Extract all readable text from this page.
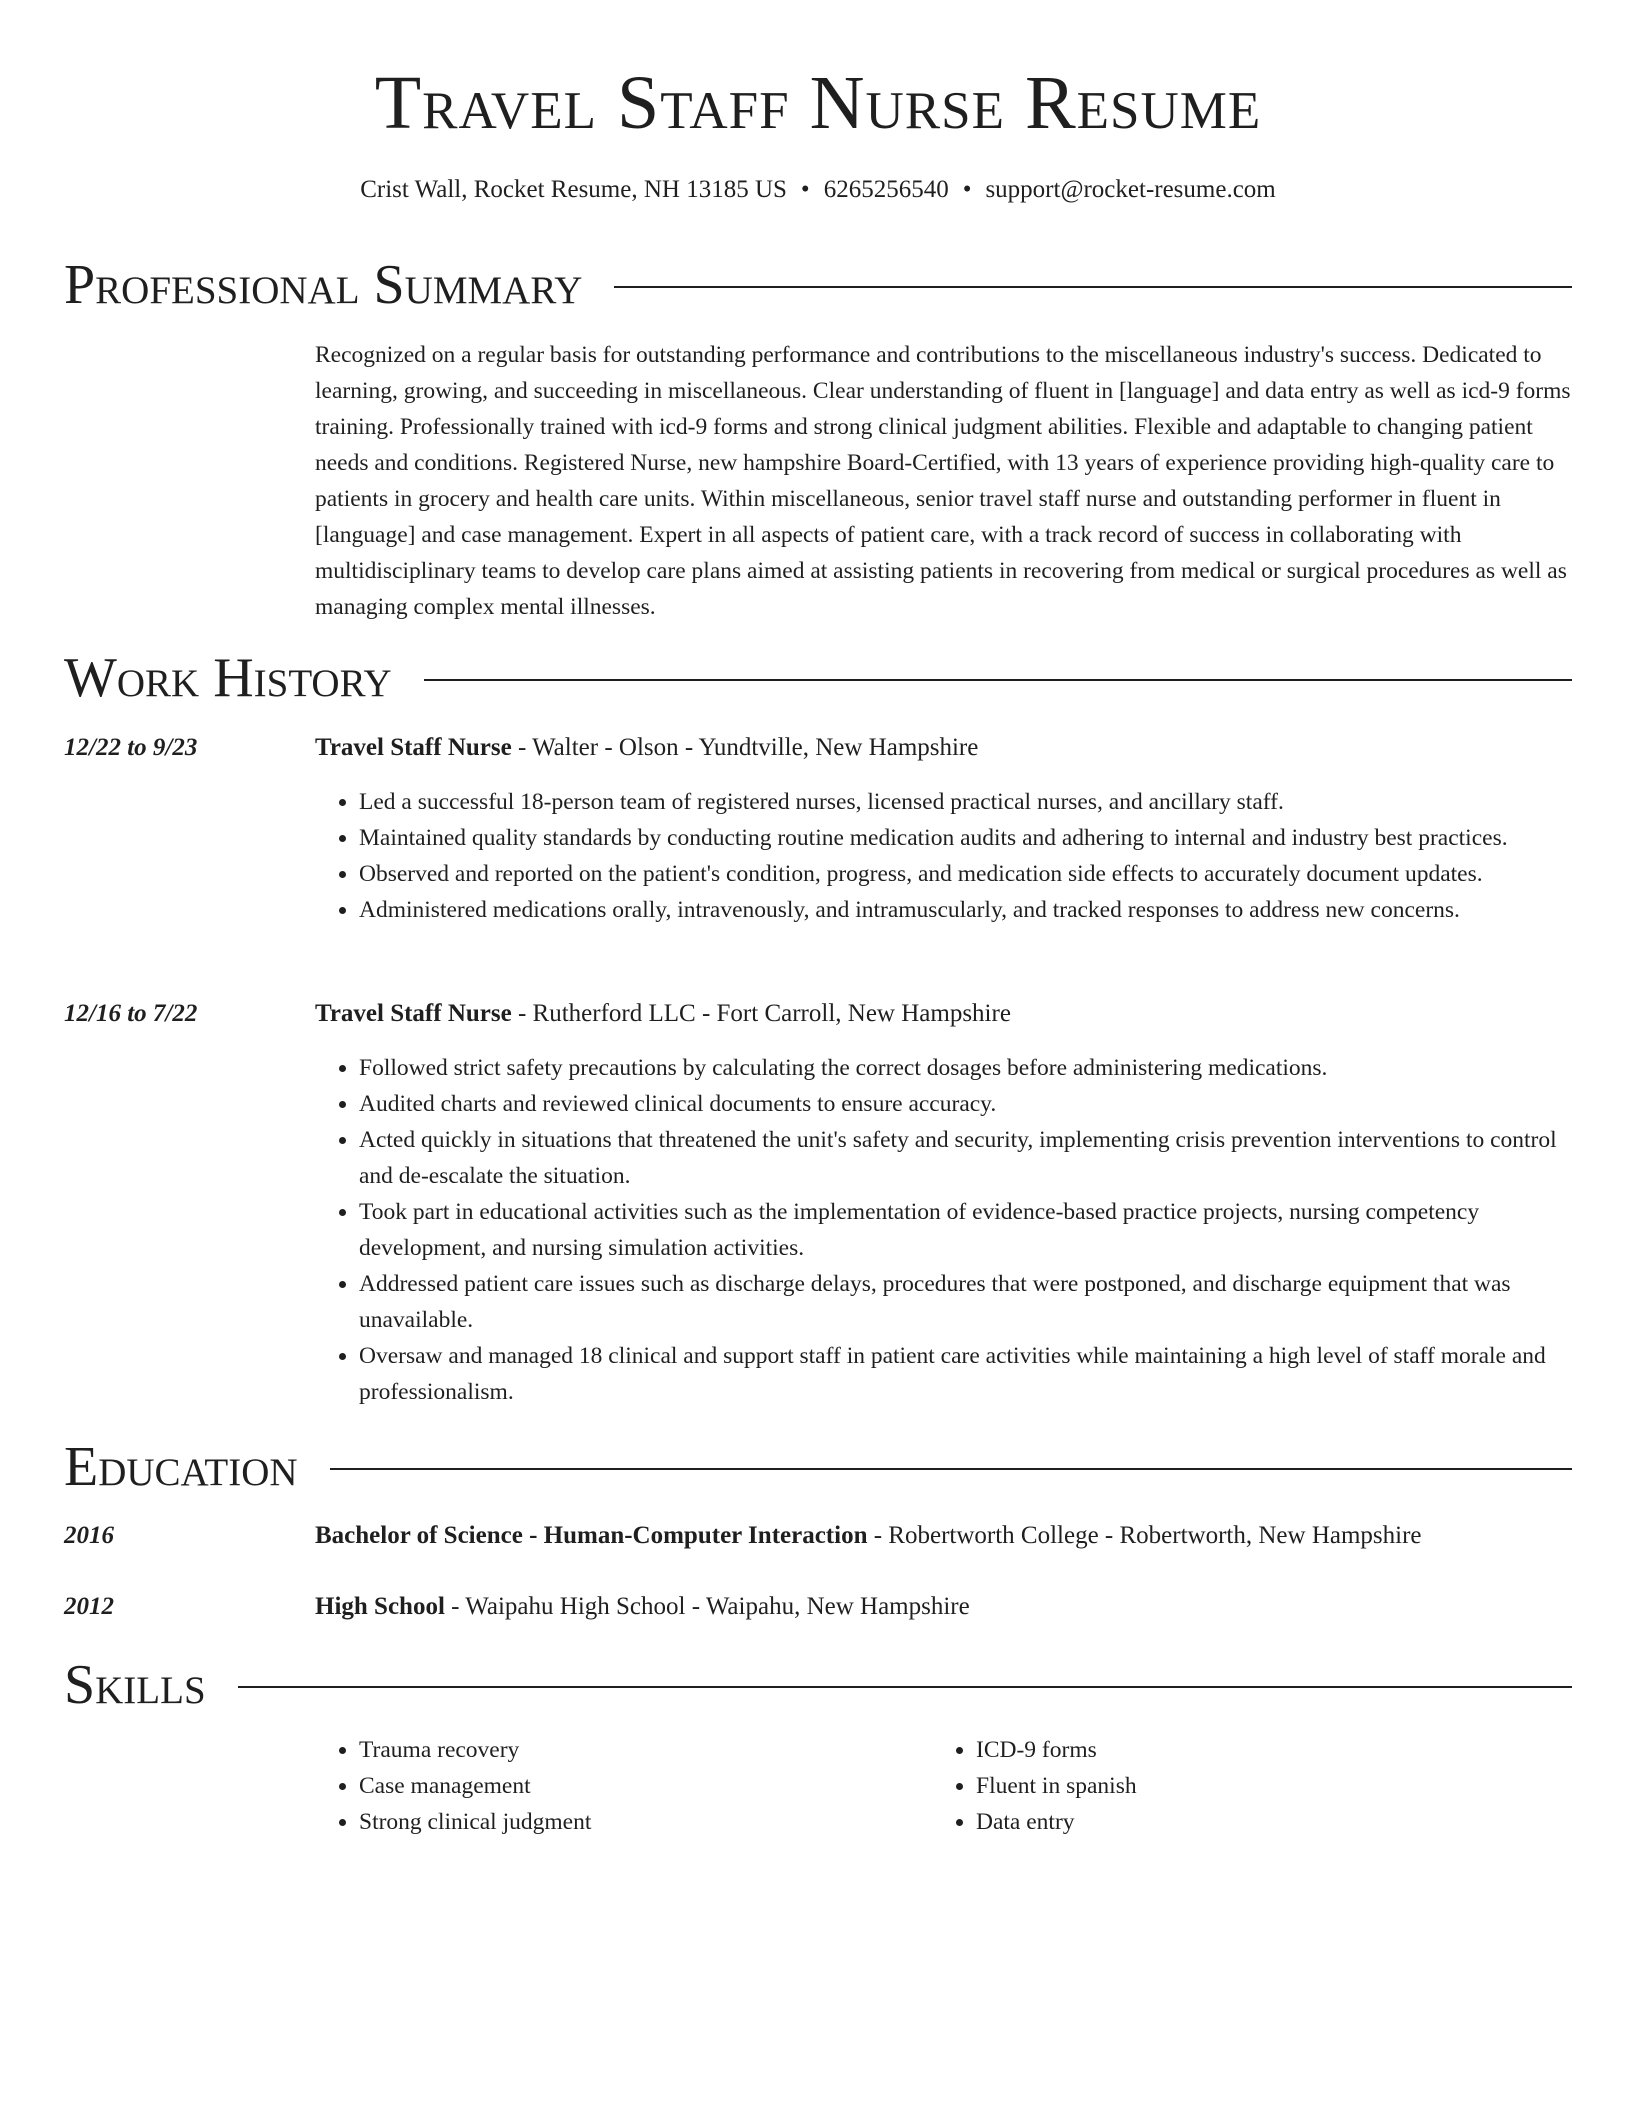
Travel Staff Nurse Resume
Crist Wall, Rocket Resume, NH 13185 US • 6265256540 • support@rocket-resume.com
Professional Summary

Recognized on a regular basis for outstanding performance and contributions to the miscellaneous industry's success. Dedicated to learning, growing, and succeeding in miscellaneous. Clear understanding of fluent in [language] and data entry as well as icd-9 forms training. Professionally trained with icd-9 forms and strong clinical judgment abilities. Flexible and adaptable to changing patient needs and conditions. Registered Nurse, new hampshire Board-Certified, with 13 years of experience providing high-quality care to patients in grocery and health care units. Within miscellaneous, senior travel staff nurse and outstanding performer in fluent in [language] and case management. Expert in all aspects of patient care, with a track record of success in collaborating with multidisciplinary teams to develop care plans aimed at assisting patients in recovering from medical or surgical procedures as well as managing complex mental illnesses.

Work History
12/22 to 9/23	Travel Staff Nurse - Walter - Olson - Yundtville, New Hampshire
• Led a successful 18-person team of registered nurses, licensed practical nurses, and ancillary staff.
• Maintained quality standards by conducting routine medication audits and adhering to internal and industry best practices.
• Observed and reported on the patient's condition, progress, and medication side effects to accurately document updates.
• Administered medications orally, intravenously, and intramuscularly, and tracked responses to address new concerns.
12/16 to 7/22	Travel Staff Nurse - Rutherford LLC - Fort Carroll, New Hampshire
• Followed strict safety precautions by calculating the correct dosages before administering medications.
• Audited charts and reviewed clinical documents to ensure accuracy.
• Acted quickly in situations that threatened the unit's safety and security, implementing crisis prevention interventions to control and de-escalate the situation.
• Took part in educational activities such as the implementation of evidence-based practice projects, nursing competency development, and nursing simulation activities.
• Addressed patient care issues such as discharge delays, procedures that were postponed, and discharge equipment that was unavailable.
• Oversaw and managed 18 clinical and support staff in patient care activities while maintaining a high level of staff morale and professionalism.
Education
2016	Bachelor of Science - Human-Computer Interaction - Robertworth College - Robertworth, New Hampshire
2012	High School - Waipahu High School - Waipahu, New Hampshire
Skills
• Trauma recovery
• Case management
• Strong clinical judgment
• ICD-9 forms
• Fluent in spanish
• Data entry
